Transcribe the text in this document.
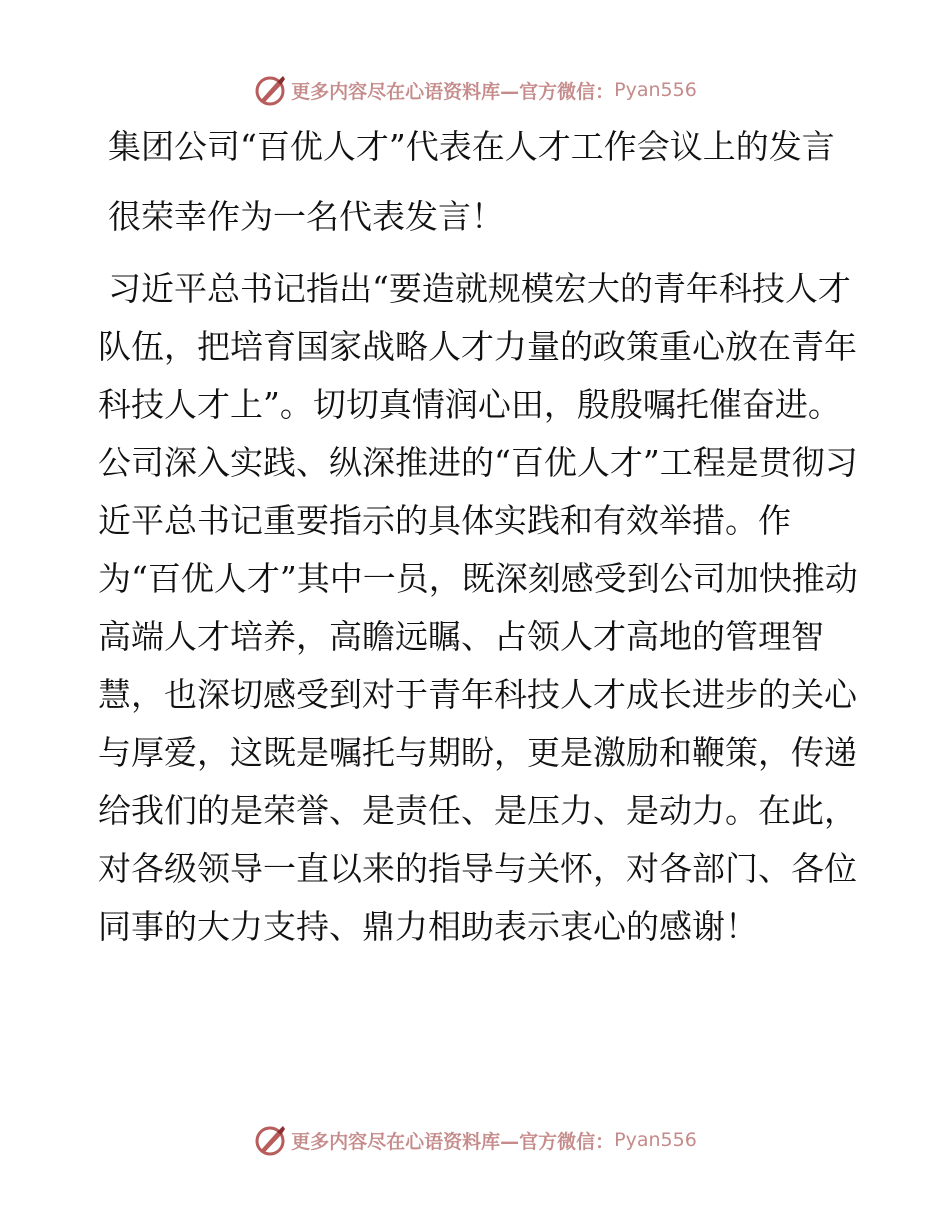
更多内容尽在心语资料库—官方微信： Pyan556
集团公司“百优人才”代表在人才工作会议上的发言

很荣幸作为一名代表发言！

习近平总书记指出“要造就规模宏大的青年科技人才队伍，把培育国家战略人才力量的政策重心放在青年科技人才上”。切切真情润心田，殷殷嘱托催奋进。公司深入实践、纵深推进的“百优人才”工程是贯彻习近平总书记重要指示的具体实践和有效举措。作为“百优人才”其中一员，既深刻感受到公司加快推动高端人才培养，高瞻远瞩、占领人才高地的管理智慧，也深切感受到对于青年科技人才成长进步的关心与厚爱，这既是嘱托与期盼，更是激励和鞭策，传递给我们的是荣誉、是责任、是压力、是动力。在此，对各级领导一直以来的指导与关怀，对各部门、各位同事的大力支持、鼎力相助表示衷心的感谢！

更多内容尽在心语资料库—官方微信： Pyan556
